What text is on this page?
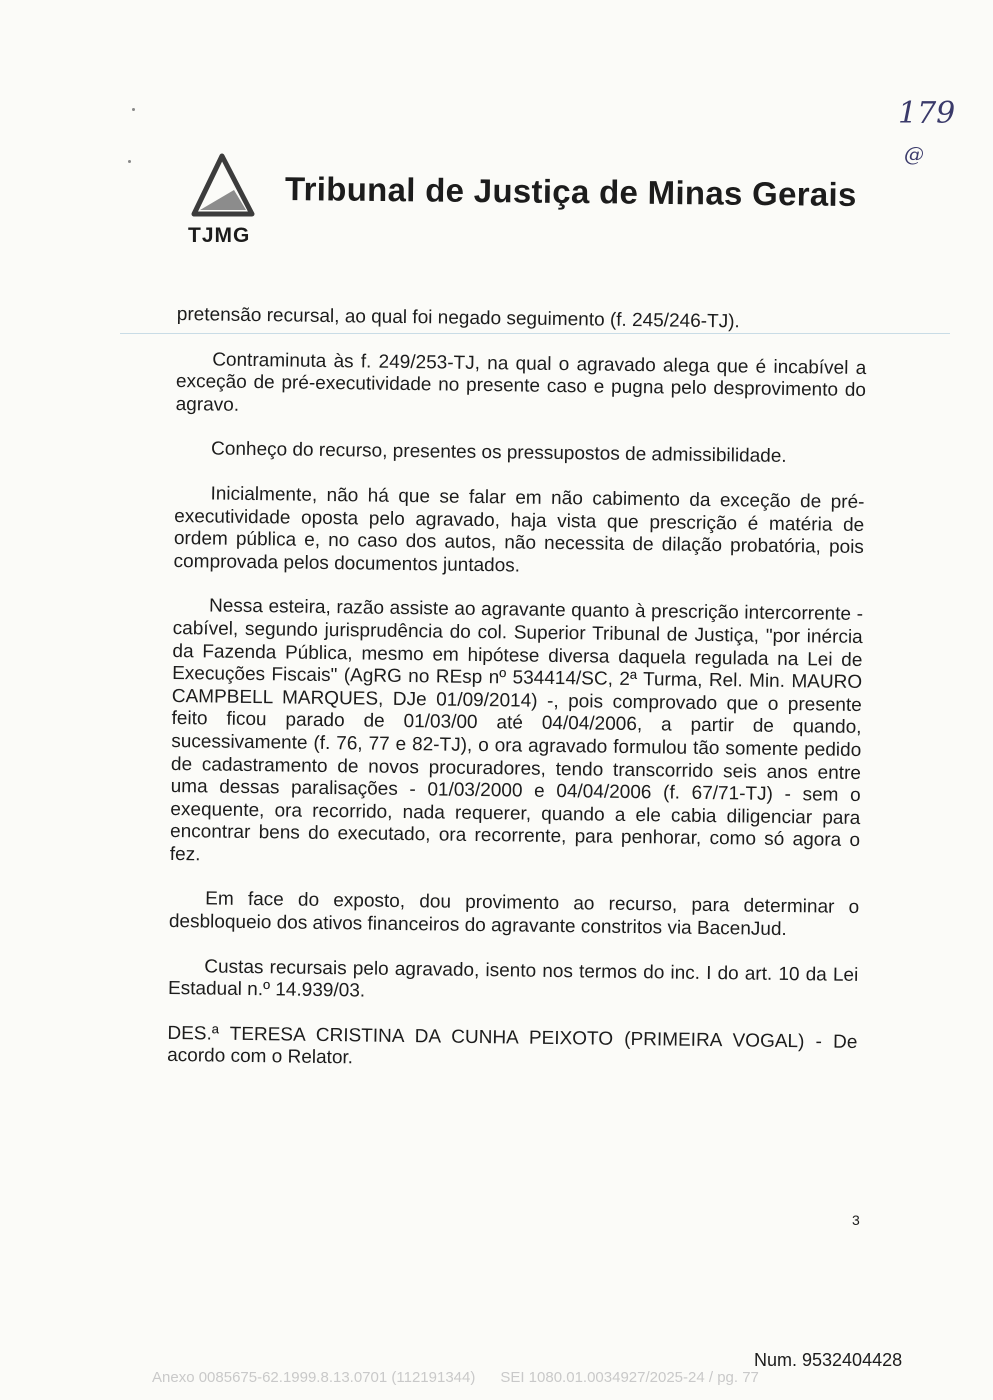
TJMG
Tribunal de Justiça de Minas Gerais
179
@

pretensão recursal, ao qual foi negado seguimento (f. 245/246-TJ).

Contraminuta às f. 249/253-TJ, na qual o agravado alega que é incabível a exceção de pré-executividade no presente caso e pugna pelo desprovimento do agravo.

Conheço do recurso, presentes os pressupostos de admissibilidade.

Inicialmente, não há que se falar em não cabimento da exceção de pré-executividade oposta pelo agravado, haja vista que prescrição é matéria de ordem pública e, no caso dos autos, não necessita de dilação probatória, pois comprovada pelos documentos juntados.

Nessa esteira, razão assiste ao agravante quanto à prescrição intercorrente - cabível, segundo jurisprudência do col. Superior Tribunal de Justiça, "por inércia da Fazenda Pública, mesmo em hipótese diversa daquela regulada na Lei de Execuções Fiscais" (AgRG no REsp nº 534414/SC, 2ª Turma, Rel. Min. MAURO CAMPBELL MARQUES, DJe 01/09/2014) -, pois comprovado que o presente feito ficou parado de 01/03/00 até 04/04/2006, a partir de quando, sucessivamente (f. 76, 77 e 82-TJ), o ora agravado formulou tão somente pedido de cadastramento de novos procuradores, tendo transcorrido seis anos entre uma dessas paralisações - 01/03/2000 e 04/04/2006 (f. 67/71-TJ) - sem o exequente, ora recorrido, nada requerer, quando a ele cabia diligenciar para encontrar bens do executado, ora recorrente, para penhorar, como só agora o fez.

Em face do exposto, dou provimento ao recurso, para determinar o desbloqueio dos ativos financeiros do agravante constritos via BacenJud.

Custas recursais pelo agravado, isento nos termos do inc. I do art. 10 da Lei Estadual n.º 14.939/03.

DES.ª TERESA CRISTINA DA CUNHA PEIXOTO (PRIMEIRA VOGAL) - De acordo com o Relator.

3
Num. 9532404428
Anexo 0085675-62.1999.8.13.0701 (112191344)      SEI 1080.01.0034927/2025-24 / pg. 77
